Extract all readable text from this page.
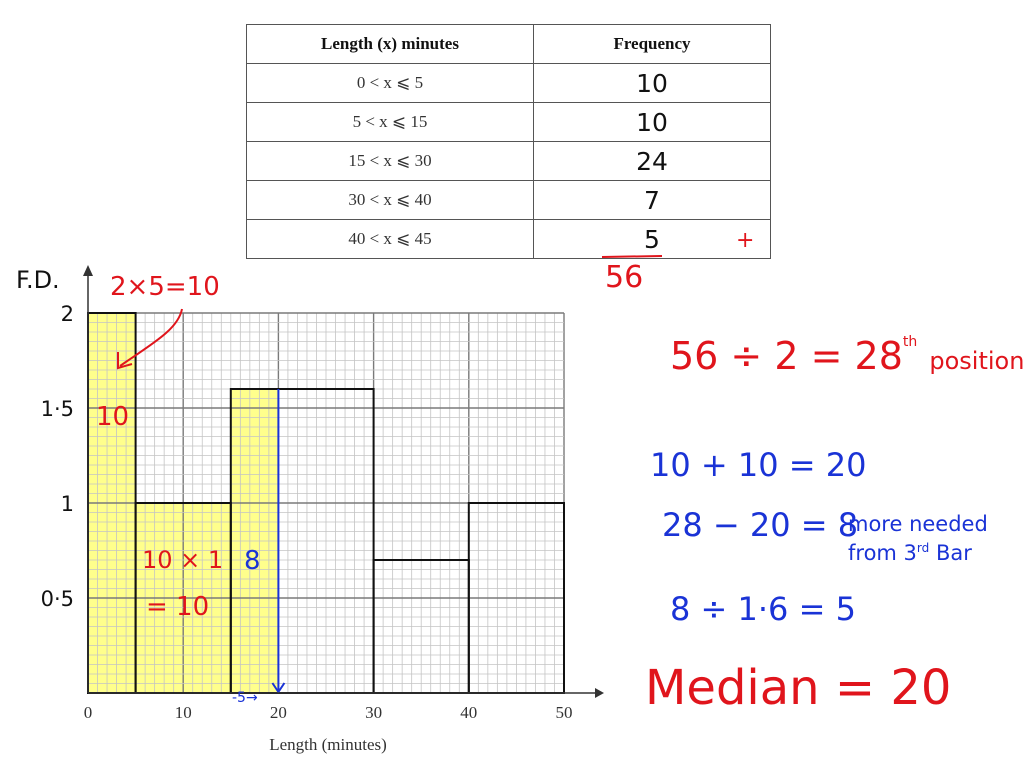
Length (x) minutes	Frequency
0 < x ⩽ 5	10
5 < x ⩽ 15	10
15 < x ⩽ 30	24
30 < x ⩽ 40	7
40 < x ⩽ 45	5	+
56
0	10	20	30	40	50
0·5
1
1·5
2
F.D.
Length (minutes)
2×5=10
10
10 × 1
= 10
8
-5→
56 ÷ 2 = 28th position
10 + 10 = 20
28 − 20 = 8
more needed
from 3rd Bar
8 ÷ 1·6 = 5
Median = 20
